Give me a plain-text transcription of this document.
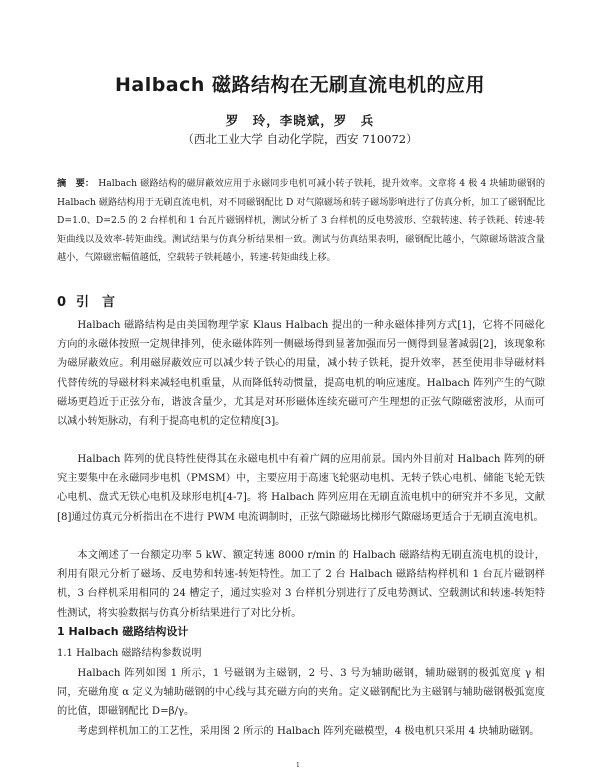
Halbach 磁路结构在无刷直流电机的应用
罗　玲，李晓斌，罗　兵
（西北工业大学 自动化学院，西安 710072）

摘　要： Halbach 磁路结构的磁屏蔽效应用于永磁同步电机可减小转子铁耗，提升效率。文章将 4 极 4 块辅助磁钢的 Halbach 磁路结构用于无刷直流电机，对不同磁钢配比 D 对气隙磁场和转子磁场影响进行了仿真分析，加工了磁钢配比 D=1.0、D=2.5 的 2 台样机和 1 台瓦片磁钢样机，测试分析了 3 台样机的反电势波形、空载转速、转子铁耗、转速-转矩曲线以及效率-转矩曲线。测试结果与仿真分析结果相一致。测试与仿真结果表明，磁钢配比越小，气隙磁场谐波含量越小，气隙磁密幅值越低，空载转子铁耗越小，转速-转矩曲线上移。

0 引　言

Halbach 磁路结构是由美国物理学家 Klaus Halbach 提出的一种永磁体排列方式[1]，它将不同磁化方向的永磁体按照一定规律排列，使永磁体阵列一侧磁场得到显著加强而另一侧得到显著减弱[2]，该现象称为磁屏蔽效应。利用磁屏蔽效应可以减少转子铁心的用量，减小转子铁耗，提升效率，甚至使用非导磁材料代替传统的导磁材料来减轻电机重量，从而降低转动惯量，提高电机的响应速度。Halbach 阵列产生的气隙磁场更趋近于正弦分布，谐波含量少，尤其是对环形磁体连续充磁可产生理想的正弦气隙磁密波形，从而可以减小转矩脉动，有利于提高电机的定位精度[3]。

Halbach 阵列的优良特性使得其在永磁电机中有着广阔的应用前景。国内外目前对 Halbach 阵列的研究主要集中在永磁同步电机（PMSM）中，主要应用于高速飞轮驱动电机、无转子铁心电机、储能飞轮无铁心电机、盘式无铁心电机及球形电机[4-7]。将 Halbach 阵列应用在无刷直流电机中的研究并不多见，文献[8]通过仿真元分析指出在不进行 PWM 电流调制时，正弦气隙磁场比梯形气隙磁场更适合于无刷直流电机。

本文阐述了一台额定功率 5 kW、额定转速 8000 r/min 的 Halbach 磁路结构无刷直流电机的设计，利用有限元分析了磁场、反电势和转速-转矩特性。加工了 2 台 Halbach 磁路结构样机和 1 台瓦片磁钢样机，3 台样机采用相同的 24 槽定子，通过实验对 3 台样机分别进行了反电势测试、空载测试和转速-转矩特性测试，将实验数据与仿真分析结果进行了对比分析。

1 Halbach 磁路结构设计
1.1 Halbach 磁路结构参数说明

Halbach 阵列如图 1 所示，1 号磁钢为主磁钢，2 号、3 号为辅助磁钢，辅助磁钢的极弧宽度 γ 相同，充磁角度 α 定义为辅助磁钢的中心线与其充磁方向的夹角。定义磁钢配比为主磁钢与辅助磁钢极弧宽度的比值，即磁钢配比 D=β/γ。

考虑到样机加工的工艺性，采用图 2 所示的 Halbach 阵列充磁模型，4 极电机只采用 4 块辅助磁钢。

1
